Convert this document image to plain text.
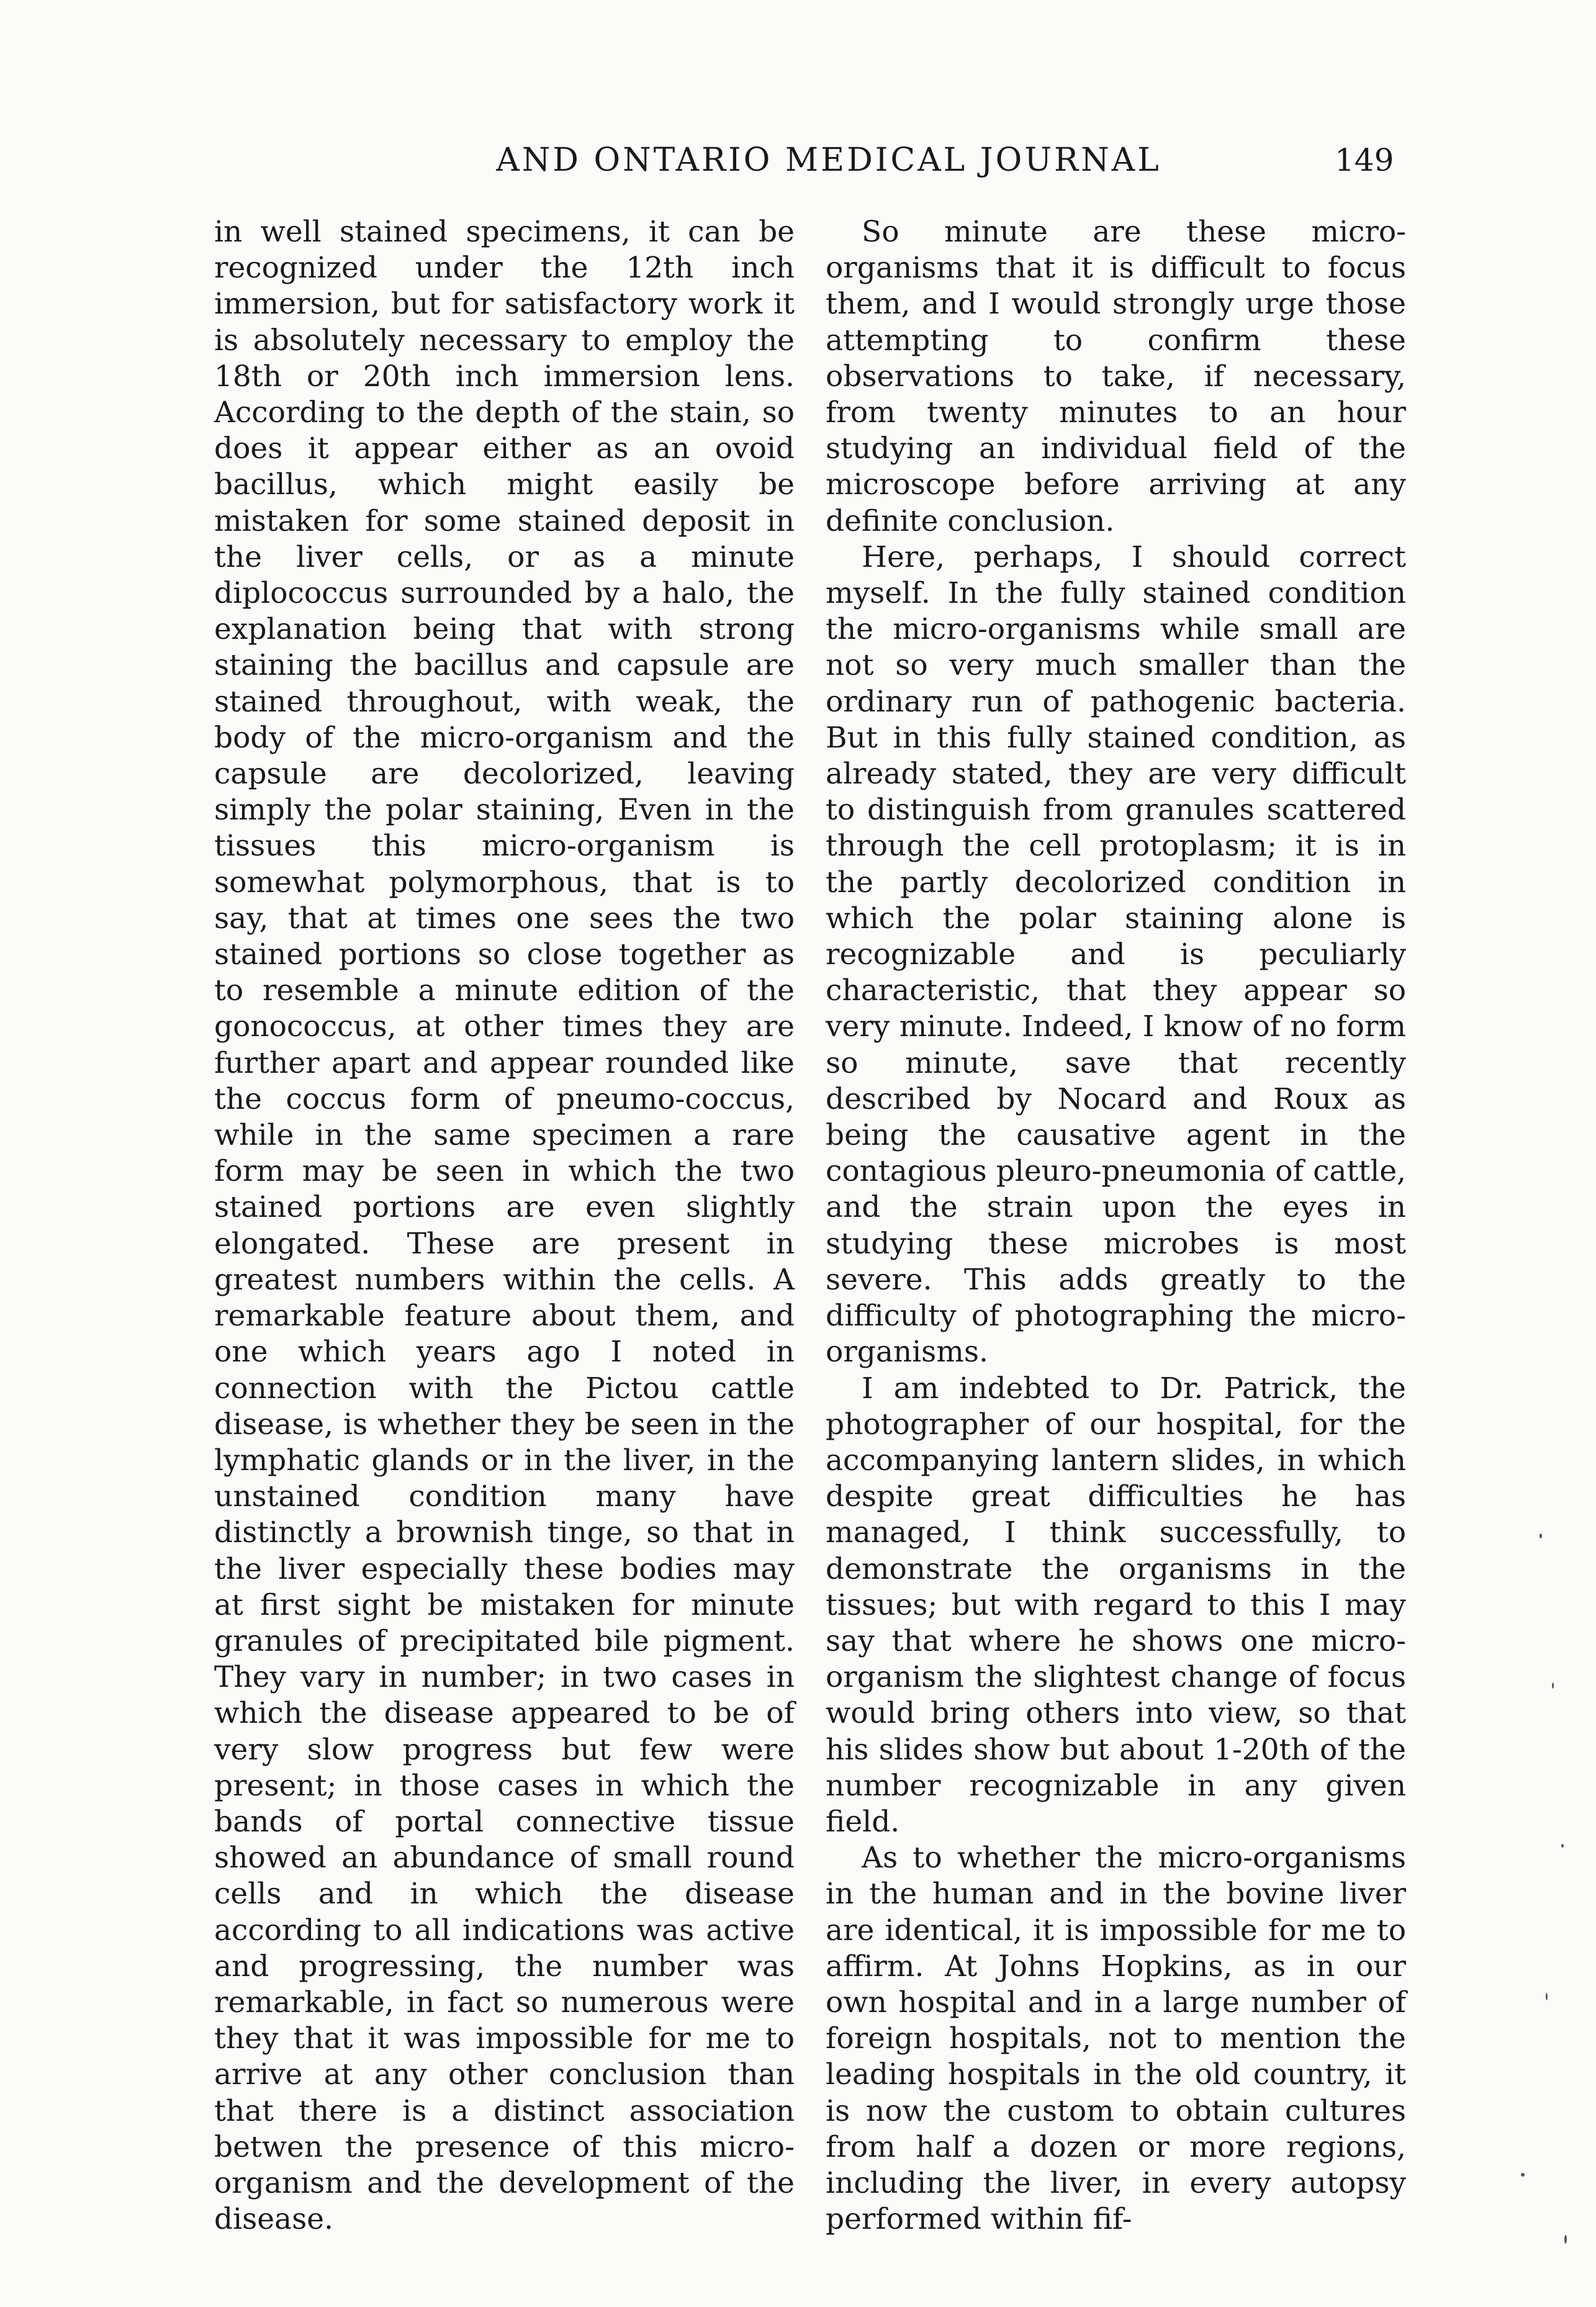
AND ONTARIO MEDICAL JOURNAL	149

in well stained specimens, it can be recognized under the 12th inch immersion, but for satisfactory work it is absolutely necessary to employ the 18th or 20th inch immersion lens. According to the depth of the stain, so does it appear either as an ovoid bacillus, which might easily be mistaken for some stained deposit in the liver cells, or as a minute diplococcus surrounded by a halo, the explanation being that with strong staining the bacillus and capsule are stained throughout, with weak, the body of the micro-organism and the capsule are decolorized, leaving simply the polar staining, Even in the tissues this micro-organism is somewhat polymorphous, that is to say, that at times one sees the two stained portions so close together as to resemble a minute edition of the gonococcus, at other times they are further apart and appear rounded like the coccus form of pneumo-coccus, while in the same specimen a rare form may be seen in which the two stained portions are even slightly elongated. These are present in greatest numbers within the cells. A remarkable feature about them, and one which years ago I noted in connection with the Pictou cattle disease, is whether they be seen in the lymphatic glands or in the liver, in the unstained condition many have distinctly a brownish tinge, so that in the liver especially these bodies may at first sight be mistaken for minute granules of precipitated bile pigment. They vary in number; in two cases in which the disease appeared to be of very slow progress but few were present; in those cases in which the bands of portal connective tissue showed an abundance of small round cells and in which the disease according to all indications was active and progressing, the number was remarkable, in fact so numerous were they that it was impossible for me to arrive at any other conclusion than that there is a distinct association betwen the presence of this micro-organism and the development of the disease.

So minute are these micro-organisms that it is difficult to focus them, and I would strongly urge those attempting to confirm these observations to take, if necessary, from twenty minutes to an hour studying an individual field of the microscope before arriving at any definite conclusion.

Here, perhaps, I should correct myself. In the fully stained condition the micro-organisms while small are not so very much smaller than the ordinary run of pathogenic bacteria. But in this fully stained condition, as already stated, they are very difficult to distinguish from granules scattered through the cell protoplasm; it is in the partly decolorized condition in which the polar staining alone is recognizable and is peculiarly characteristic, that they appear so very minute. Indeed, I know of no form so minute, save that recently described by Nocard and Roux as being the causative agent in the contagious pleuro-pneumonia of cattle, and the strain upon the eyes in studying these microbes is most severe. This adds greatly to the difficulty of photographing the micro-organisms.

I am indebted to Dr. Patrick, the photographer of our hospital, for the accompanying lantern slides, in which despite great difficulties he has managed, I think successfully, to demonstrate the organisms in the tissues; but with regard to this I may say that where he shows one micro-organism the slightest change of focus would bring others into view, so that his slides show but about 1-20th of the number recognizable in any given field.

As to whether the micro-organisms in the human and in the bovine liver are identical, it is impossible for me to affirm. At Johns Hopkins, as in our own hospital and in a large number of foreign hospitals, not to mention the leading hospitals in the old country, it is now the custom to obtain cultures from half a dozen or more regions, including the liver, in every autopsy performed within fif-
